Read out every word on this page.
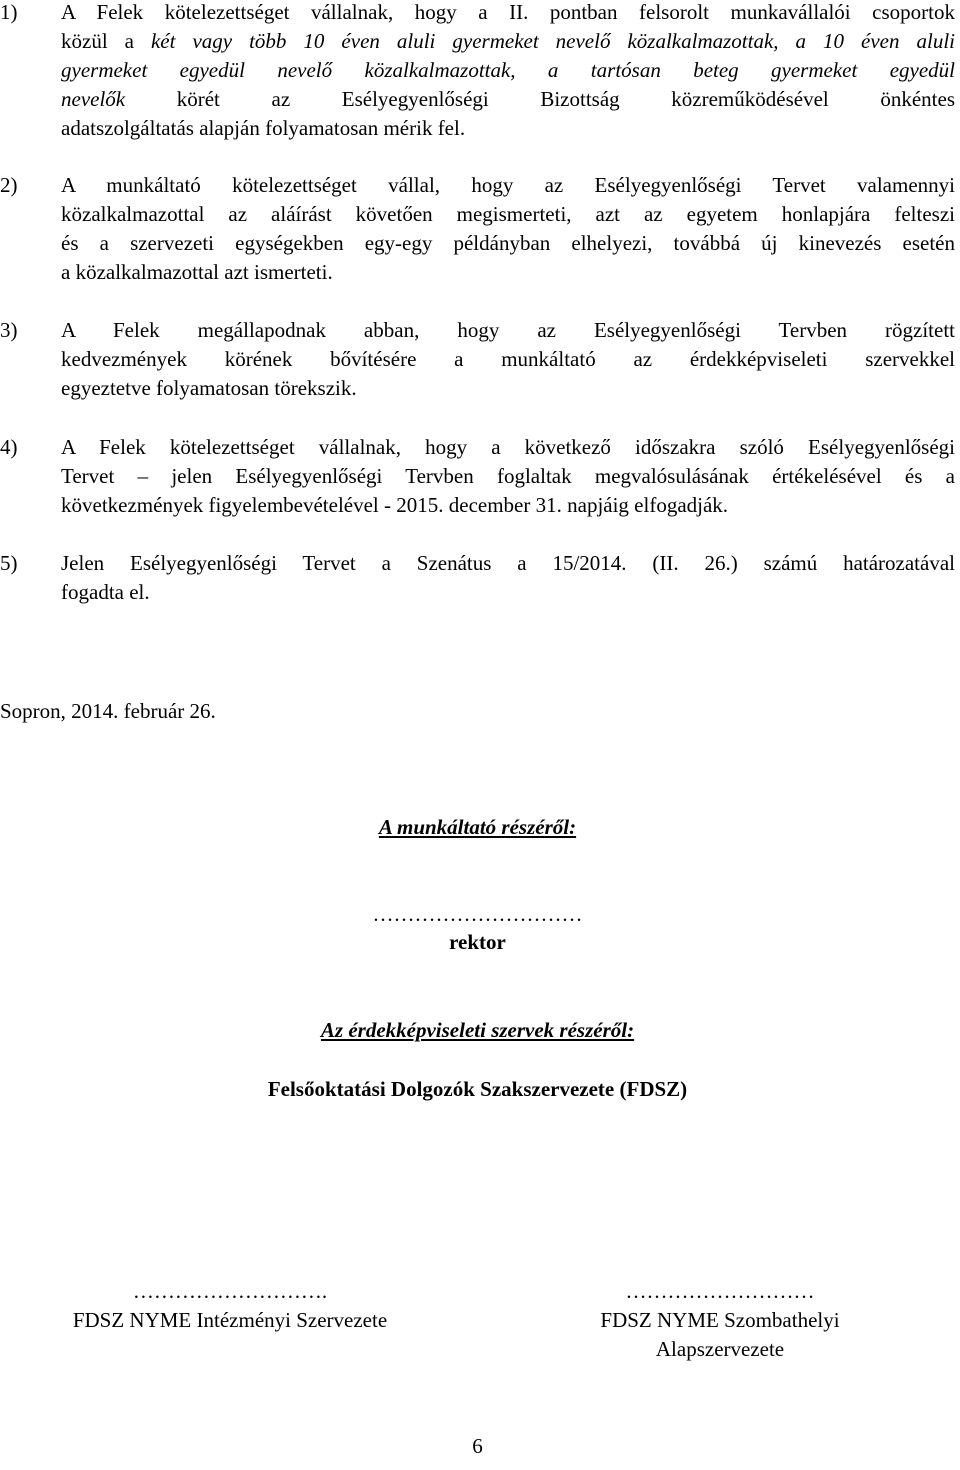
1) A Felek kötelezettséget vállalnak, hogy a II. pontban felsorolt munkavállalói csoportok
közül a két vagy több 10 éven aluli gyermeket nevelő közalkalmazottak, a 10 éven aluli
gyermeket egyedül nevelő közalkalmazottak, a tartósan beteg gyermeket egyedül
nevelők körét az Esélyegyenlőségi Bizottság közreműködésével önkéntes
adatszolgáltatás alapján folyamatosan mérik fel.
2) A munkáltató kötelezettséget vállal, hogy az Esélyegyenlőségi Tervet valamennyi
közalkalmazottal az aláírást követően megismerteti, azt az egyetem honlapjára felteszi
és a szervezeti egységekben egy-egy példányban elhelyezi, továbbá új kinevezés esetén
a közalkalmazottal azt ismerteti.
3) A Felek megállapodnak abban, hogy az Esélyegyenlőségi Tervben rögzített
kedvezmények körének bővítésére a munkáltató az érdekképviseleti szervekkel
egyeztetve folyamatosan törekszik.
4) A Felek kötelezettséget vállalnak, hogy a következő időszakra szóló Esélyegyenlőségi
Tervet – jelen Esélyegyenlőségi Tervben foglaltak megvalósulásának értékelésével és a
következmények figyelembevételével - 2015. december 31. napjáig elfogadják.
5) Jelen Esélyegyenlőségi Tervet a Szenátus a 15/2014. (II. 26.) számú határozatával
fogadta el.
Sopron, 2014. február 26.
A munkáltató részéről:
…………………………
rektor
Az érdekképviseleti szervek részéről:
Felsőoktatási Dolgozók Szakszervezete (FDSZ)
……………………….
FDSZ NYME Intézményi Szervezete
………………………
FDSZ NYME Szombathelyi
Alapszervezete
6
